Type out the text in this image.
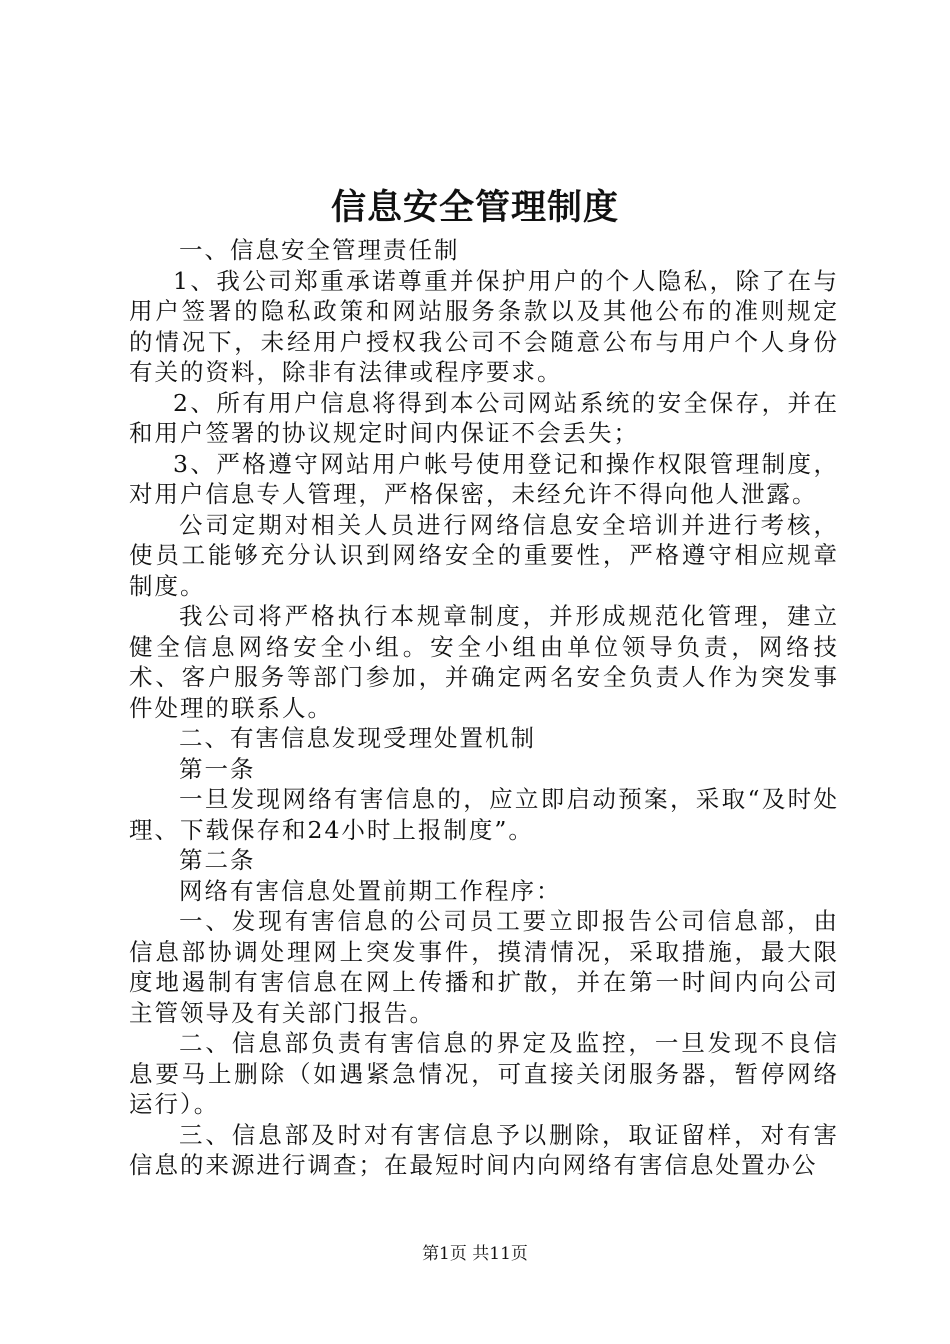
信息安全管理制度

一、信息安全管理责任制

1、我公司郑重承诺尊重并保护用户的个人隐私，除了在与用户签署的隐私政策和网站服务条款以及其他公布的准则规定的情况下，未经用户授权我公司不会随意公布与用户个人身份有关的资料，除非有法律或程序要求。

2、所有用户信息将得到本公司网站系统的安全保存，并在和用户签署的协议规定时间内保证不会丢失；

3、严格遵守网站用户帐号使用登记和操作权限管理制度，对用户信息专人管理，严格保密，未经允许不得向他人泄露。

公司定期对相关人员进行网络信息安全培训并进行考核，使员工能够充分认识到网络安全的重要性，严格遵守相应规章制度。

我公司将严格执行本规章制度，并形成规范化管理，建立健全信息网络安全小组。安全小组由单位领导负责，网络技术、客户服务等部门参加，并确定两名安全负责人作为突发事件处理的联系人。

二、有害信息发现受理处置机制

第一条

一旦发现网络有害信息的，应立即启动预案，采取“及时处理、下载保存和24小时上报制度”。

第二条

网络有害信息处置前期工作程序：

一、发现有害信息的公司员工要立即报告公司信息部，由信息部协调处理网上突发事件，摸清情况，采取措施，最大限度地遏制有害信息在网上传播和扩散，并在第一时间内向公司主管领导及有关部门报告。

二、信息部负责有害信息的界定及监控，一旦发现不良信息要马上删除（如遇紧急情况，可直接关闭服务器，暂停网络运行）。

三、信息部及时对有害信息予以删除，取证留样，对有害信息的来源进行调查；在最短时间内向网络有害信息处置办公

第1页 共11页
